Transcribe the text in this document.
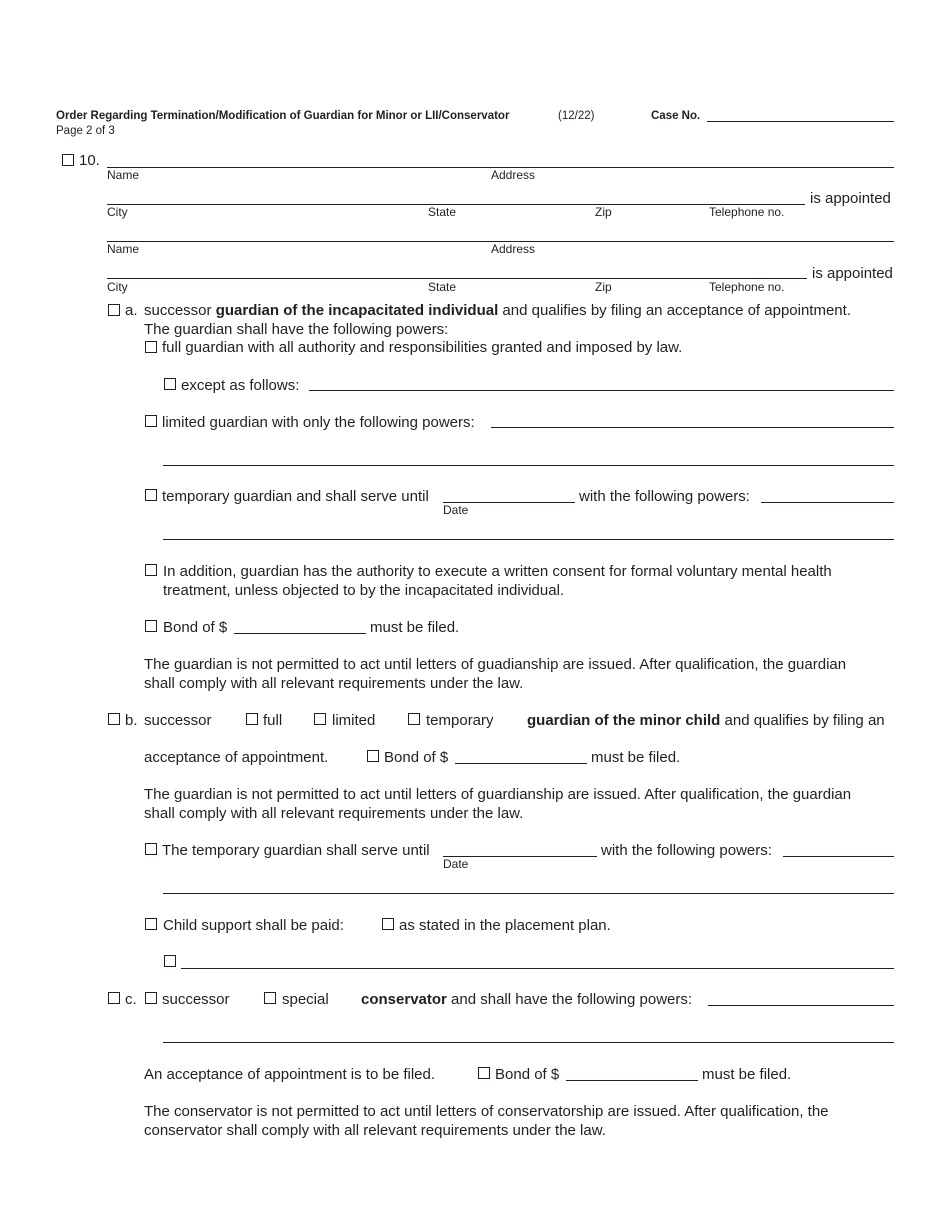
Order Regarding Termination/Modification of Guardian for Minor or LII/Conservator	(12/22)	Case No.
Page 2 of 3
10.
Name	Address
is appointed
City	State	Zip	Telephone no.
Name	Address
is appointed
City	State	Zip	Telephone no.
a. successor guardian of the incapacitated individual and qualifies by filing an acceptance of appointment.
The guardian shall have the following powers:
full guardian with all authority and responsibilities granted and imposed by law.
except as follows:
limited guardian with only the following powers:
temporary guardian and shall serve until
Date
with the following powers:
In addition, guardian has the authority to execute a written consent for formal voluntary mental health
treatment, unless objected to by the incapacitated individual.
Bond of $	must be filed.
The guardian is not permitted to act until letters of guadianship are issued. After qualification, the guardian
shall comply with all relevant requirements under the law.
b. successor	full	limited	temporary guardian of the minor child and qualifies by filing an
acceptance of appointment.	Bond of $	must be filed.
The guardian is not permitted to act until letters of guardianship are issued. After qualification, the guardian
shall comply with all relevant requirements under the law.
The temporary guardian shall serve until
Date
with the following powers:
Child support shall be paid:	as stated in the placement plan.
c. successor	special conservator and shall have the following powers:
An acceptance of appointment is to be filed.	Bond of $	must be filed.
The conservator is not permitted to act until letters of conservatorship are issued. After qualification, the
conservator shall comply with all relevant requirements under the law.
